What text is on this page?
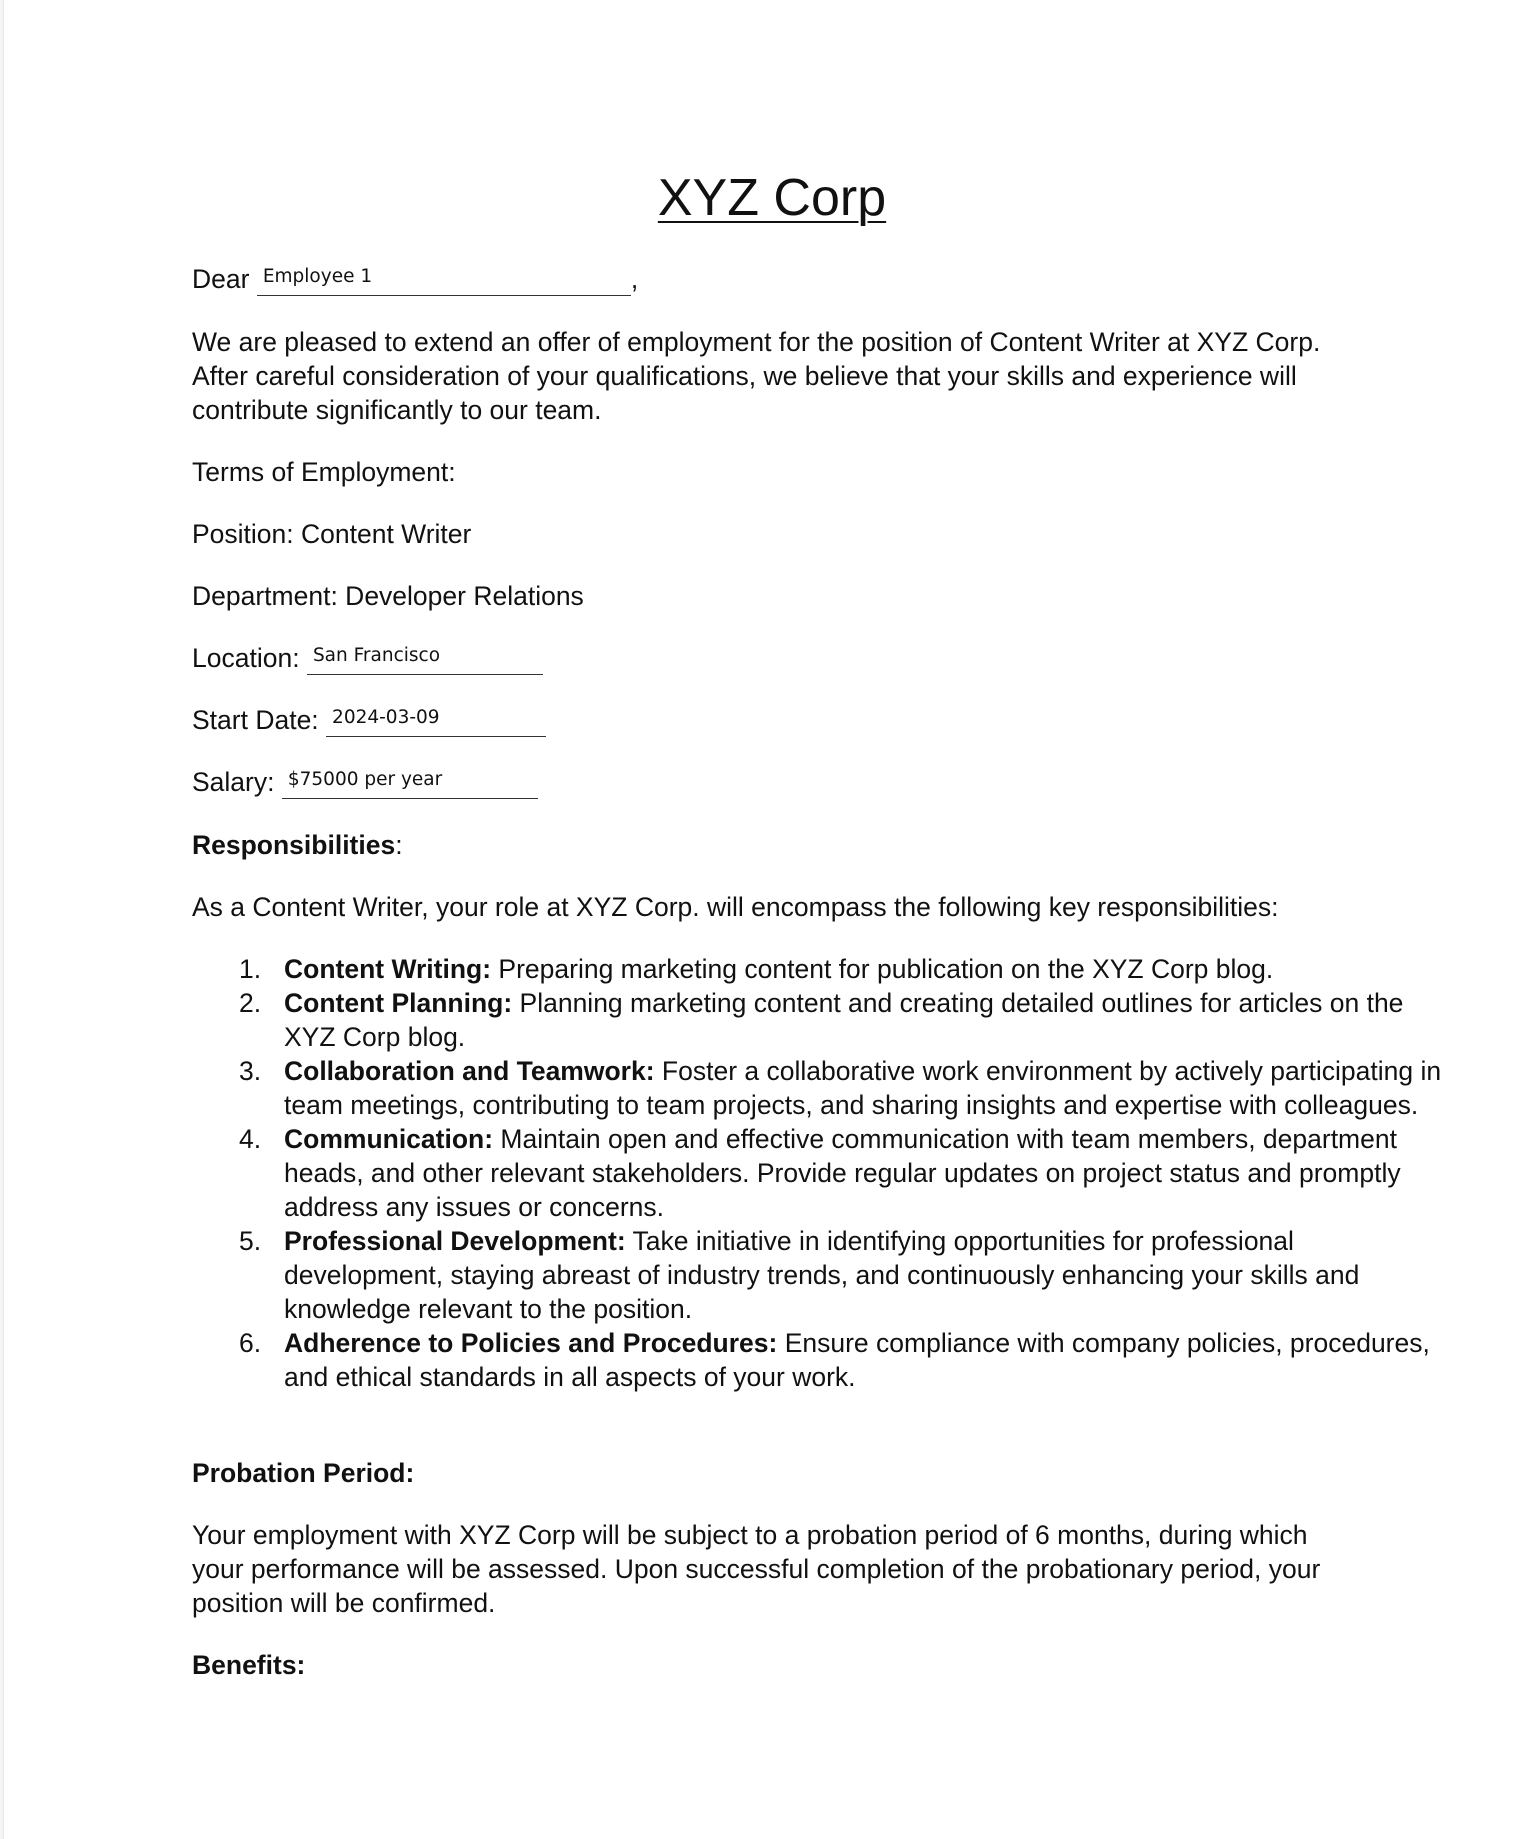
XYZ Corp
Dear Employee 1	,
We are pleased to extend an offer of employment for the position of Content Writer at XYZ Corp. After careful consideration of your qualifications, we believe that your skills and experience will contribute significantly to our team.
Terms of Employment:
Position: Content Writer
Department: Developer Relations
Location: San Francisco
Start Date: 2024-03-09
Salary: $75000 per year
Responsibilities:
As a Content Writer, your role at XYZ Corp. will encompass the following key responsibilities:
1. Content Writing: Preparing marketing content for publication on the XYZ Corp blog.
2. Content Planning: Planning marketing content and creating detailed outlines for articles on the XYZ Corp blog.
3. Collaboration and Teamwork: Foster a collaborative work environment by actively participating in team meetings, contributing to team projects, and sharing insights and expertise with colleagues.
4. Communication: Maintain open and effective communication with team members, department heads, and other relevant stakeholders. Provide regular updates on project status and promptly address any issues or concerns.
5. Professional Development: Take initiative in identifying opportunities for professional development, staying abreast of industry trends, and continuously enhancing your skills and knowledge relevant to the position.
6. Adherence to Policies and Procedures: Ensure compliance with company policies, procedures, and ethical standards in all aspects of your work.
Probation Period:
Your employment with XYZ Corp will be subject to a probation period of 6 months, during which your performance will be assessed. Upon successful completion of the probationary period, your position will be confirmed.
Benefits:
